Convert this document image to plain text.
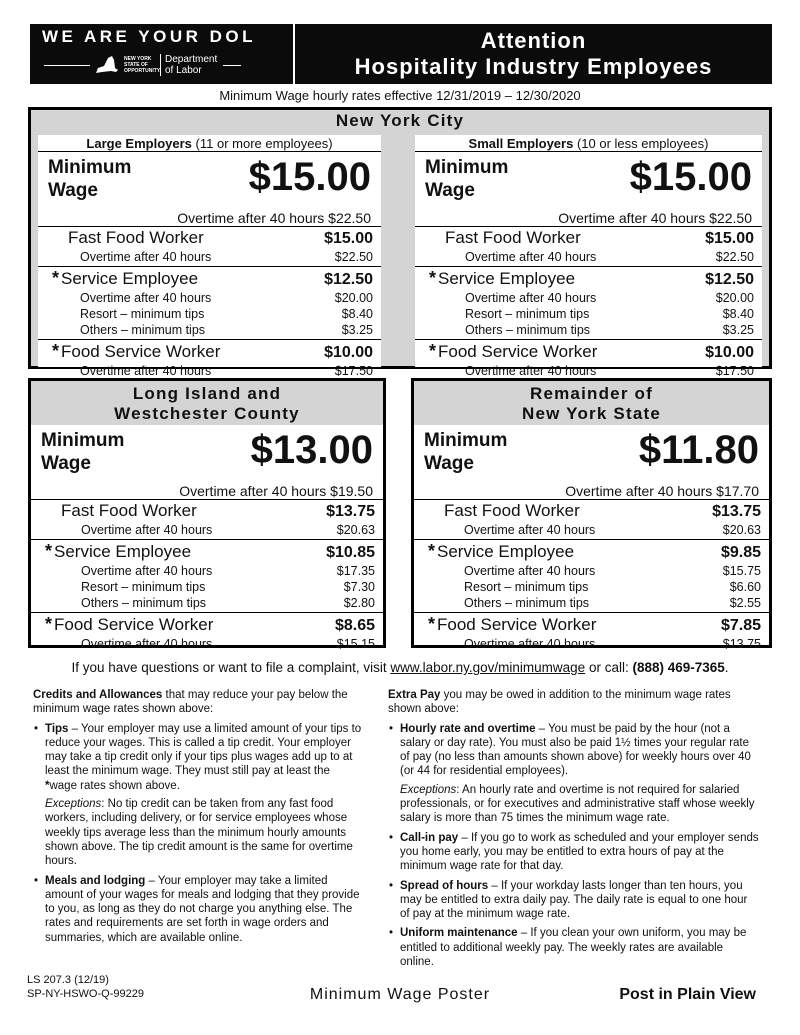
WE ARE YOUR DOL
NEW YORK STATE OF OPPORTUNITY.
Department
of Labor
Attention
Hospitality Industry Employees
Minimum Wage hourly rates effective 12/31/2019 – 12/30/2020
New York City
Large Employers (11 or more employees)
Minimum
Wage	$15.00
Overtime after 40 hours $22.50
Fast Food Worker	$15.00
Overtime after 40 hours	$22.50
* Service Employee	$12.50
Overtime after 40 hours	$20.00
Resort – minimum tips	$8.40
Others – minimum tips	$3.25
* Food Service Worker	$10.00
Overtime after 40 hours	$17.50
Small Employers (10 or less employees)
Minimum
Wage	$15.00
Overtime after 40 hours $22.50
Fast Food Worker	$15.00
Overtime after 40 hours	$22.50
* Service Employee	$12.50
Overtime after 40 hours	$20.00
Resort – minimum tips	$8.40
Others – minimum tips	$3.25
* Food Service Worker	$10.00
Overtime after 40 hours	$17.50
Long Island and
Westchester County
Minimum
Wage	$13.00
Overtime after 40 hours $19.50
Fast Food Worker	$13.75
Overtime after 40 hours	$20.63
* Service Employee	$10.85
Overtime after 40 hours	$17.35
Resort – minimum tips	$7.30
Others – minimum tips	$2.80
* Food Service Worker	$8.65
Overtime after 40 hours	$15.15
Remainder of
New York State
Minimum
Wage	$11.80
Overtime after 40 hours $17.70
Fast Food Worker	$13.75
Overtime after 40 hours	$20.63
* Service Employee	$9.85
Overtime after 40 hours	$15.75
Resort – minimum tips	$6.60
Others – minimum tips	$2.55
* Food Service Worker	$7.85
Overtime after 40 hours	$13.75
If you have questions or want to file a complaint, visit www.labor.ny.gov/minimumwage or call: (888) 469-7365.

Credits and Allowances that may reduce your pay below the minimum wage rates shown above:

• Tips – Your employer may use a limited amount of your tips to reduce your wages. This is called a tip credit. Your employer may take a tip credit only if your tips plus wages add up to at least the minimum wage. They must still pay at least the *wage rates shown above.
Exceptions: No tip credit can be taken from any fast food workers, including delivery, or for service employees whose weekly tips average less than the minimum hourly amounts shown above. The tip credit amount is the same for overtime hours.
• Meals and lodging – Your employer may take a limited amount of your wages for meals and lodging that they provide to you, as long as they do not charge you anything else. The rates and requirements are set forth in wage orders and summaries, which are available online.

Extra Pay you may be owed in addition to the minimum wage rates shown above:

• Hourly rate and overtime – You must be paid by the hour (not a salary or day rate). You must also be paid 1½ times your regular rate of pay (no less than amounts shown above) for weekly hours over 40 (or 44 for residential employees).
Exceptions: An hourly rate and overtime is not required for salaried professionals, or for executives and administrative staff whose weekly salary is more than 75 times the minimum wage rate.
• Call-in pay – If you go to work as scheduled and your employer sends you home early, you may be entitled to extra hours of pay at the minimum wage rate for that day.
• Spread of hours – If your workday lasts longer than ten hours, you may be entitled to extra daily pay. The daily rate is equal to one hour of pay at the minimum wage rate.
• Uniform maintenance – If you clean your own uniform, you may be entitled to additional weekly pay. The weekly rates are available online.
LS 207.3 (12/19)
SP-NY-HSWO-Q-99229	Minimum Wage Poster	Post in Plain View
